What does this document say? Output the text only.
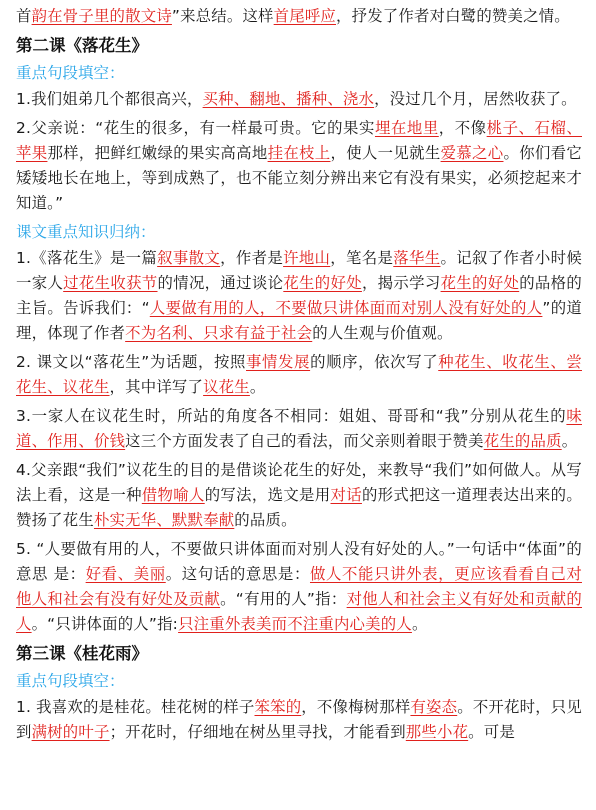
首韵在骨子里的散文诗”来总结。这样首尾呼应，抒发了作者对白鹭的赞美之情。

第二课《落花生》
重点句段填空：

1.我们姐弟几个都很高兴，买种、翻地、播种、浇水，没过几个月，居然收获了。

2.父亲说：“花生的很多，有一样最可贵。它的果实埋在地里，不像桃子、石榴、苹果那样，把鲜红嫩绿的果实高高地挂在枝上，使人一见就生爱慕之心。你们看它矮矮地长在地上，等到成熟了，也不能立刻分辨出来它有没有果实，必须挖起来才知道。”

课文重点知识归纳：

1.《落花生》是一篇叙事散文，作者是许地山，笔名是落华生。记叙了作者小时候一家人过花生收获节的情况，通过谈论花生的好处，揭示学习花生的好处的品格的主旨。告诉我们：“人要做有用的人，不要做只讲体面而对别人没有好处的人”的道理，体现了作者不为名利、只求有益于社会的人生观与价值观。

2. 课文以“落花生”为话题，按照事情发展的顺序，依次写了种花生、收花生、尝花生、议花生，其中详写了议花生。

3.一家人在议花生时，所站的角度各不相同：姐姐、哥哥和“我”分别从花生的味道、作用、价钱这三个方面发表了自己的看法，而父亲则着眼于赞美花生的品质。

4.父亲跟“我们”议花生的目的是借谈论花生的好处，来教导“我们”如何做人。从写法上看，这是一种借物喻人的写法，选文是用对话的形式把这一道理表达出来的。赞扬了花生朴实无华、默默奉献的品质。

5. “人要做有用的人，不要做只讲体面而对别人没有好处的人。”一句话中“体面”的意思 是：好看、美丽。这句话的意思是：做人不能只讲外表，更应该看看自己对他人和社会有没有好处及贡献。“有用的人”指：对他人和社会主义有好处和贡献的人。“只讲体面的人”指:只注重外表美而不注重内心美的人。

第三课《桂花雨》
重点句段填空：

1. 我喜欢的是桂花。桂花树的样子笨笨的，不像梅树那样有姿态。不开花时，只见到满树的叶子；开花时，仔细地在树丛里寻找，才能看到那些小花。可是
